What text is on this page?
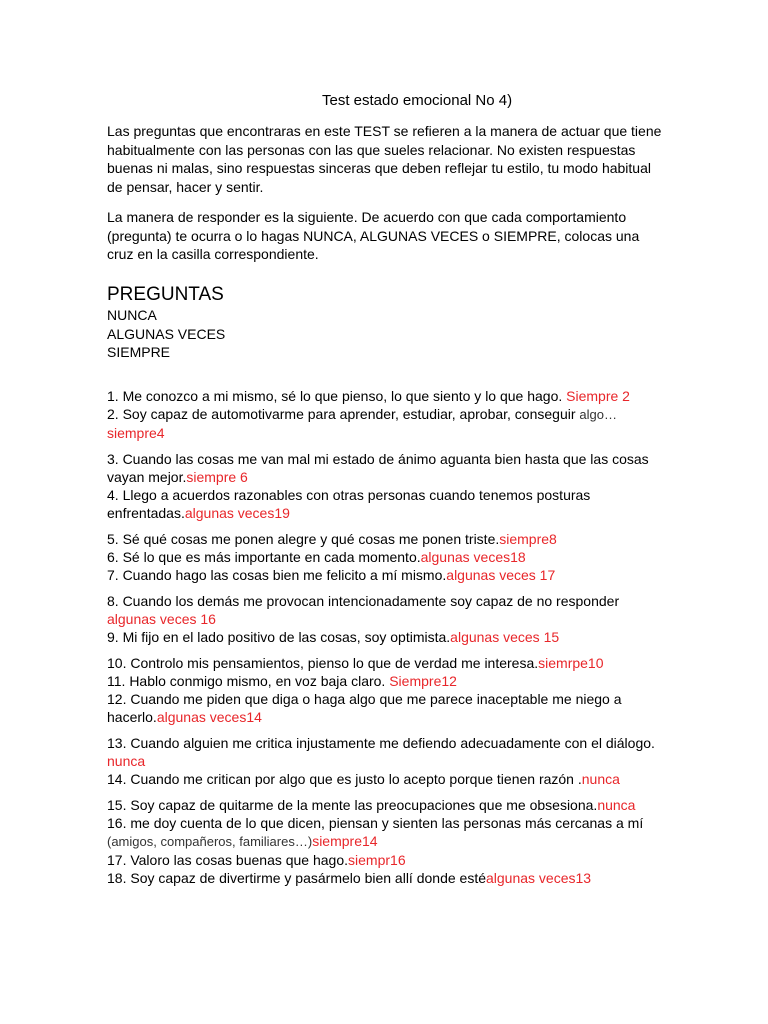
Test estado emocional No 4)
Las preguntas que encontraras en este TEST se refieren a la manera de actuar que tiene habitualmente con las personas con las que sueles relacionar. No existen respuestas buenas ni malas, sino respuestas sinceras que deben reflejar tu estilo, tu modo habitual de pensar, hacer y sentir.
La manera de responder es la siguiente. De acuerdo con que cada comportamiento (pregunta) te ocurra o lo hagas NUNCA, ALGUNAS VECES o SIEMPRE, colocas una cruz en la casilla correspondiente.
PREGUNTAS
NUNCA
ALGUNAS VECES
SIEMPRE
1. Me conozco a mi mismo, sé lo que pienso, lo que siento y lo que hago. Siempre 2
2. Soy capaz de automotivarme para aprender, estudiar, aprobar, conseguir algo…siempre4
3. Cuando las cosas me van mal mi estado de ánimo aguanta bien hasta que las cosas vayan mejor.siempre 6
4. Llego a acuerdos razonables con otras personas cuando tenemos posturas enfrentadas.algunas veces19
5. Sé qué cosas me ponen alegre y qué cosas me ponen triste.siempre8
6. Sé lo que es más importante en cada momento.algunas veces18
7. Cuando hago las cosas bien me felicito a mí mismo.algunas veces 17
8. Cuando los demás me provocan intencionadamente soy capaz de no responder algunas veces 16
9. Mi fijo en el lado positivo de las cosas, soy optimista.algunas veces 15
10. Controlo mis pensamientos, pienso lo que de verdad me interesa.siemrpe10
11. Hablo conmigo mismo, en voz baja claro. Siempre12
12. Cuando me piden que diga o haga algo que me parece inaceptable me niego a hacerlo.algunas veces14
13. Cuando alguien me critica injustamente me defiendo adecuadamente con el diálogo. nunca
14. Cuando me critican por algo que es justo lo acepto porque tienen razón .nunca
15. Soy capaz de quitarme de la mente las preocupaciones que me obsesiona.nunca
16. me doy cuenta de lo que dicen, piensan y sienten las personas más cercanas a mí (amigos, compañeros, familiares…)siempre14
17. Valoro las cosas buenas que hago.siempr16
18. Soy capaz de divertirme y pasármelo bien allí donde estéalgunas veces13
